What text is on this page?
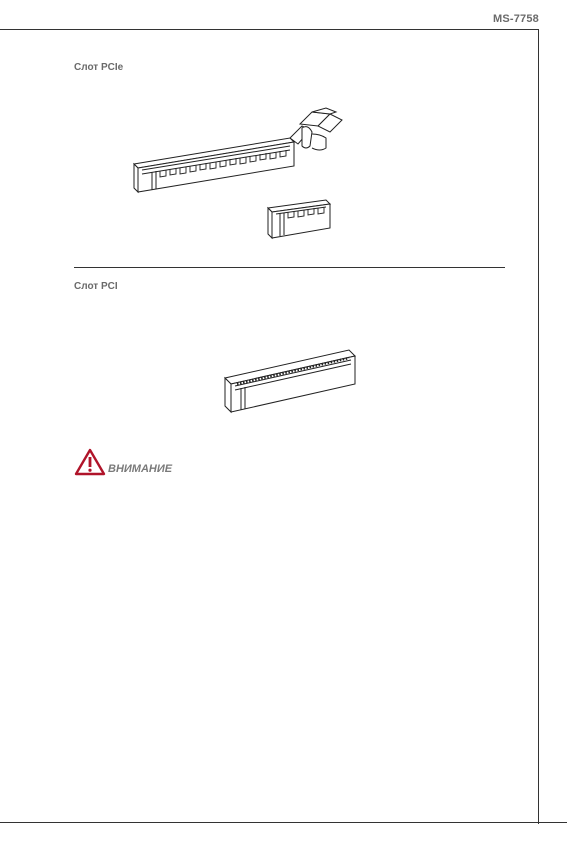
MS-7758
Слот PCIe
Слот PCI
ВНИМАНИЕ
